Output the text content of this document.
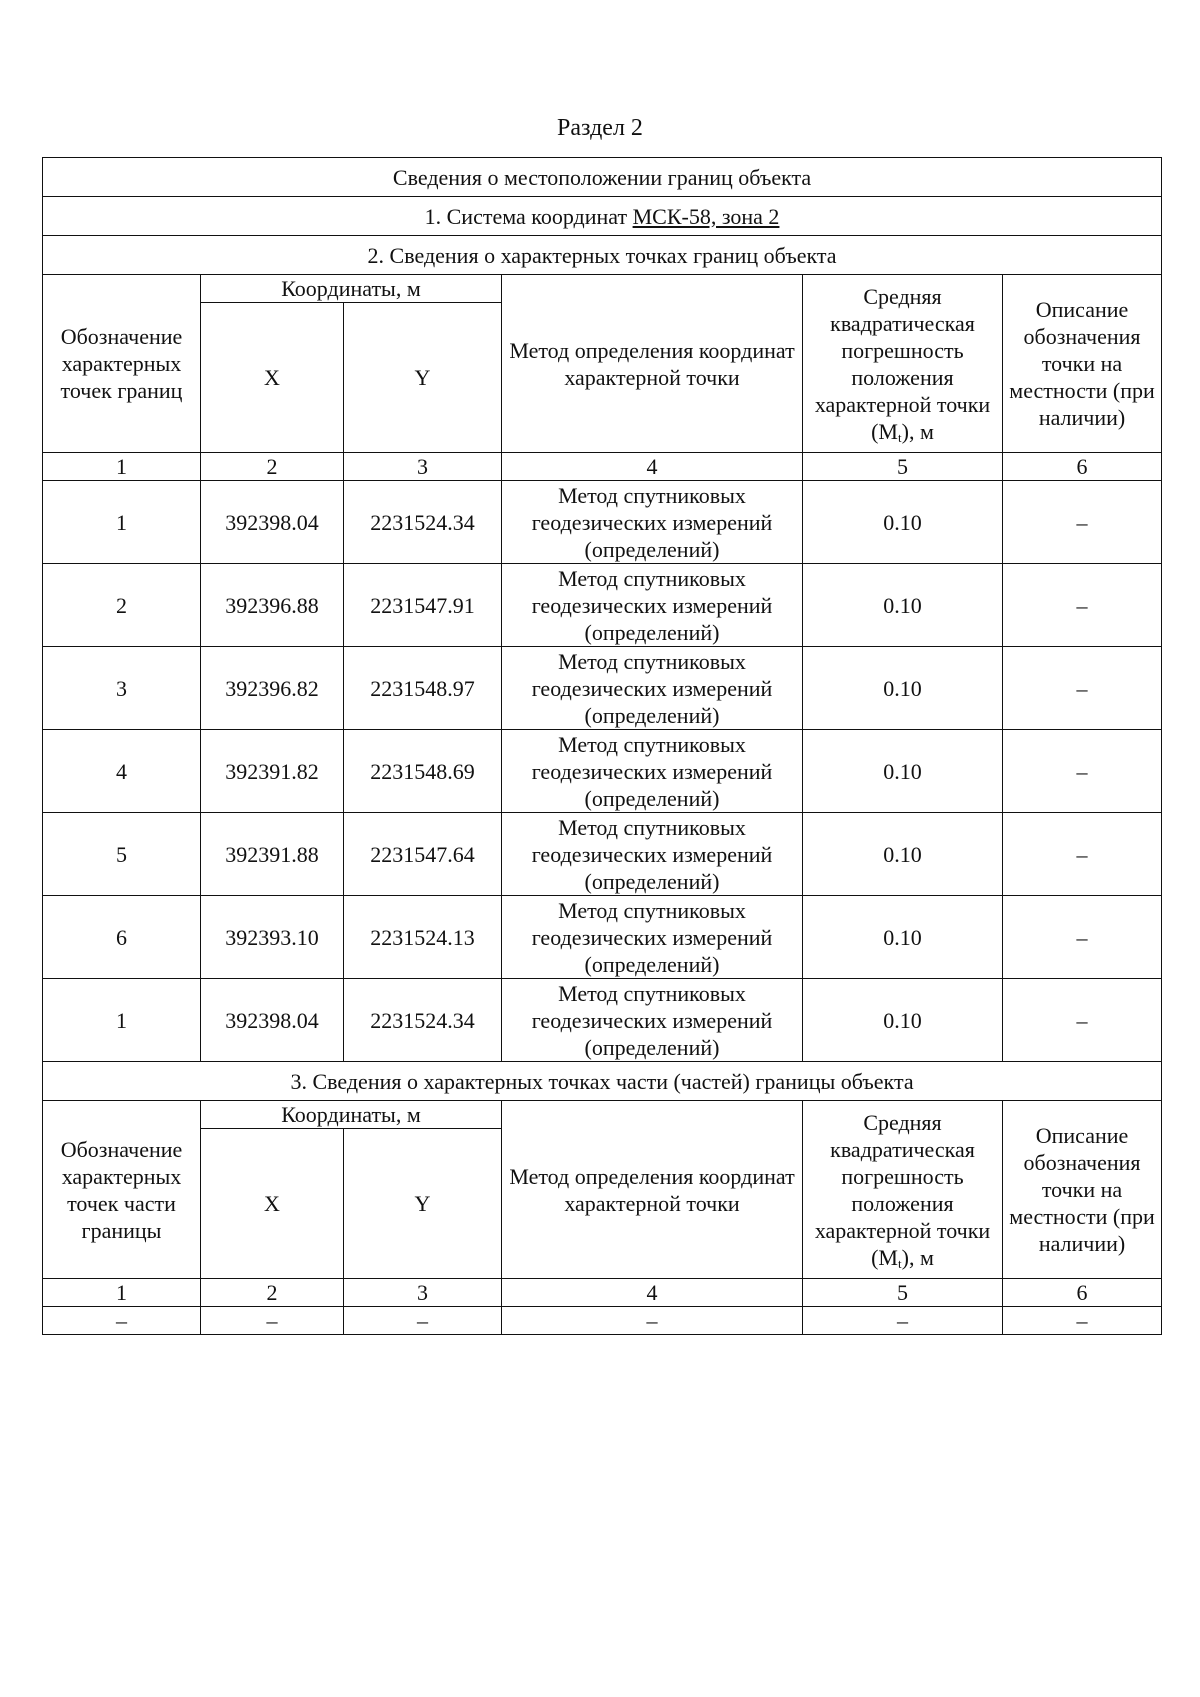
Раздел 2
Сведения о местоположении границ объекта					
1. Система координат МСК-58, зона 2					
2. Сведения о характерных точках границ объекта					
Обозначение характерных точек границ	Координаты, м		Метод определения координат характерной точки	Средняя квадратическая погрешность положения характерной точки $(M_t)$, м	Описание обозначения точки на местности (при наличии)
	X	Y			
1	2	3	4	5	6
1	392398.04	2231524.34	Метод спутниковых геодезических измерений (определений)	0.10	–
2	392396.88	2231547.91	Метод спутниковых геодезических измерений (определений)	0.10	–
3	392396.82	2231548.97	Метод спутниковых геодезических измерений (определений)	0.10	–
4	392391.82	2231548.69	Метод спутниковых геодезических измерений (определений)	0.10	–
5	392391.88	2231547.64	Метод спутниковых геодезических измерений (определений)	0.10	–
6	392393.10	2231524.13	Метод спутниковых геодезических измерений (определений)	0.10	–
1	392398.04	2231524.34	Метод спутниковых геодезических измерений (определений)	0.10	–
3. Сведения о характерных точках части (частей) границы объекта					
Обозначение характерных точек части границы	Координаты, м		Метод определения координат характерной точки	Средняя квадратическая погрешность положения характерной точки $(M_t)$, м	Описание обозначения точки на местности (при наличии)
	X	Y			
1	2	3	4	5	6
–	–	–	–	–	–
